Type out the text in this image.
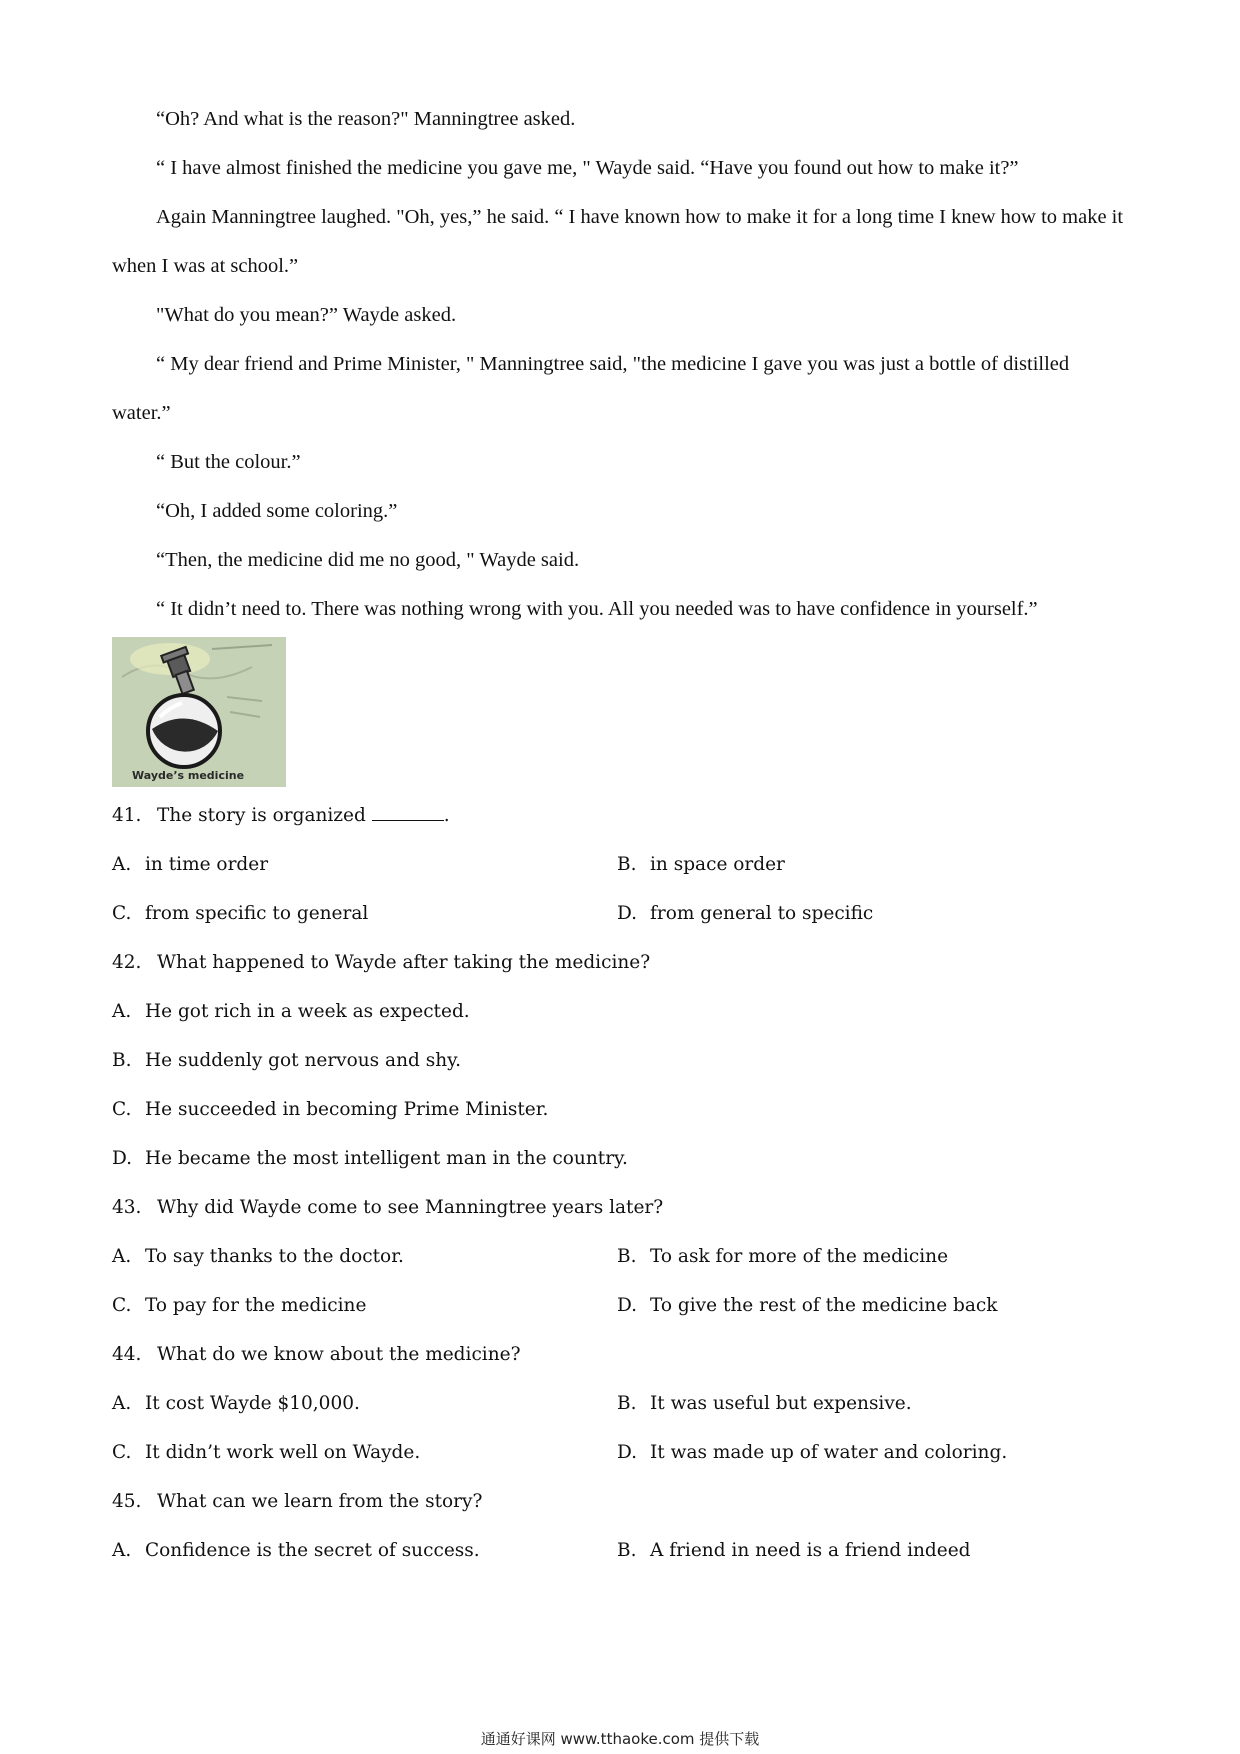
“Oh? And what is the reason?" Manningtree asked.

“ I have almost finished the medicine you gave me, " Wayde said. “Have you found out how to make it?”

Again Manningtree laughed. "Oh, yes,” he said. “ I have known how to make it for a long time I knew how to make it when I was at school.”

"What do you mean?” Wayde asked.

“ My dear friend and Prime Minister, " Manningtree said, "the medicine I gave you was just a bottle of distilled water.”

“ But the colour.”

“Oh, I added some coloring.”

“Then, the medicine did me no good, " Wayde said.

“ It didn’t need to. There was nothing wrong with you. All you needed was to have confidence in yourself.”

Wayde’s medicine
41. The story is organized	.
A. in time order	B. in space order
C. from specific to general	D. from general to specific
42. What happened to Wayde after taking the medicine?
A. He got rich in a week as expected.
B. He suddenly got nervous and shy.
C. He succeeded in becoming Prime Minister.
D. He became the most intelligent man in the country.
43. Why did Wayde come to see Manningtree years later?
A. To say thanks to the doctor.	B. To ask for more of the medicine
C. To pay for the medicine	D. To give the rest of the medicine back
44. What do we know about the medicine?
A. It cost Wayde $10,000.	B. It was useful but expensive.
C. It didn’t work well on Wayde.	D. It was made up of water and coloring.
45. What can we learn from the story?
A. Confidence is the secret of success.	B. A friend in need is a friend indeed
通通好课网 www.tthaoke.com 提供下载
